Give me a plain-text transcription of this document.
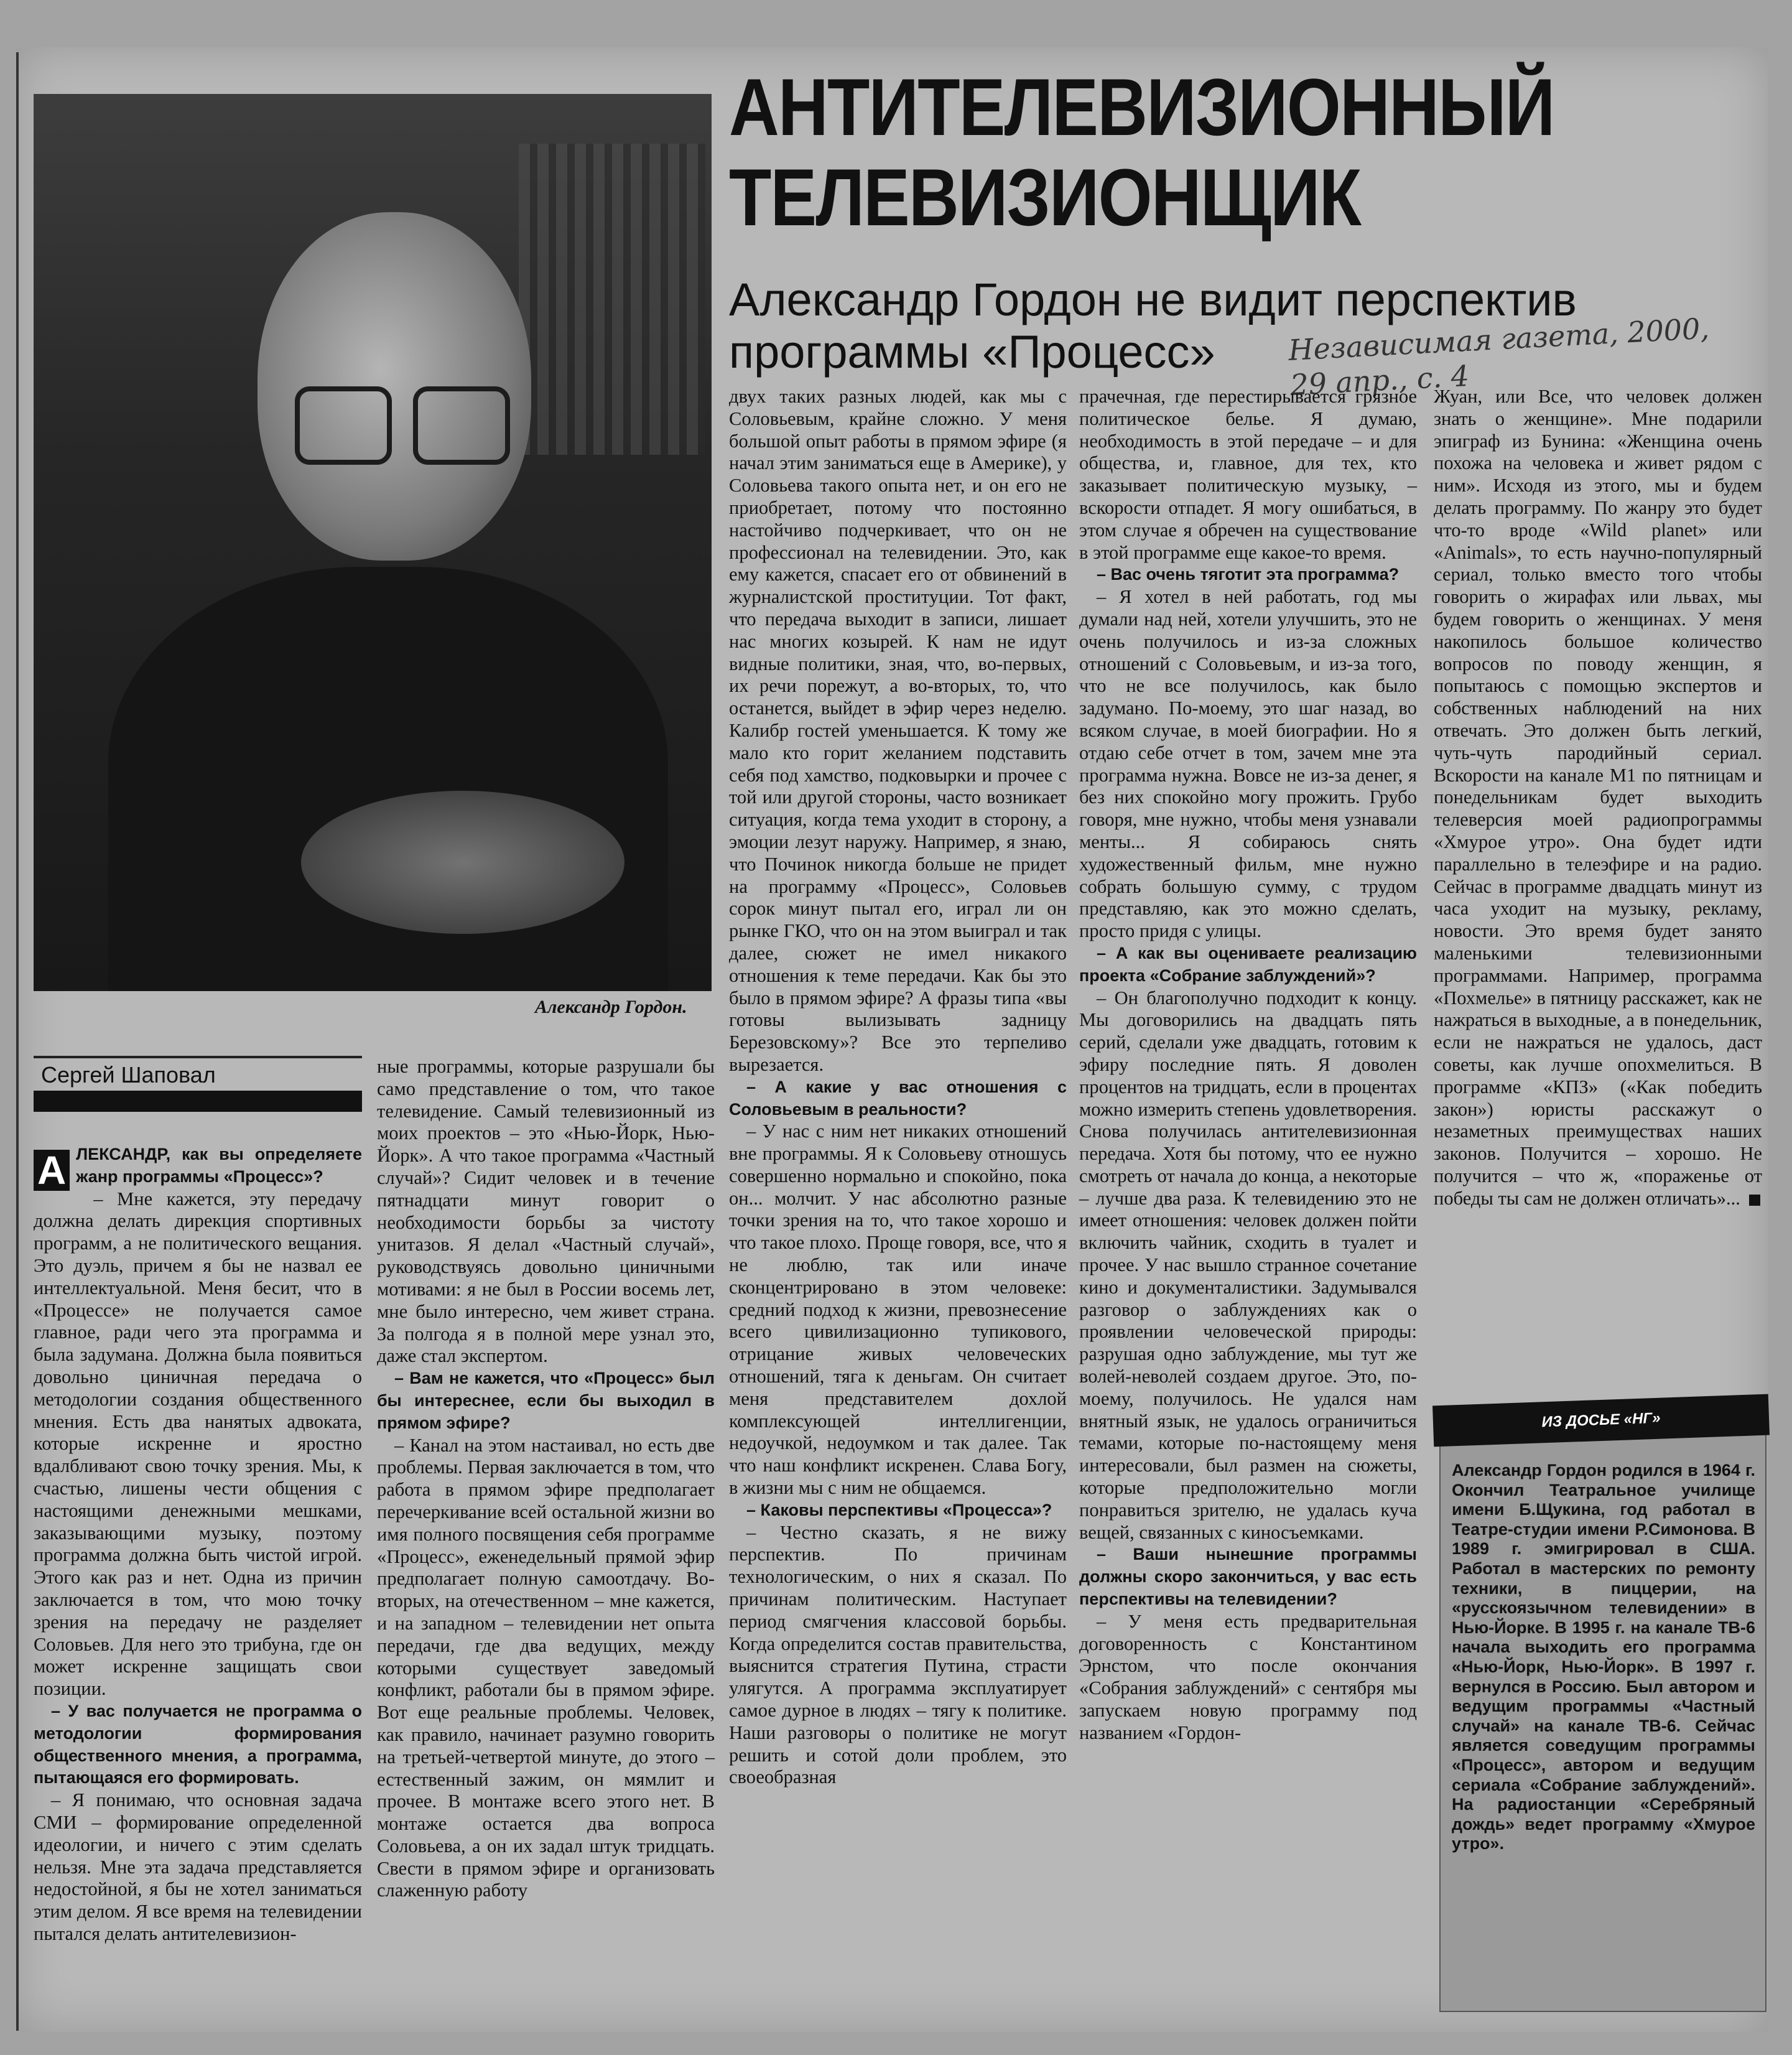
Александр Гордон.
АНТИТЕЛЕВИЗИОННЫЙ ТЕЛЕВИЗИОНЩИК
Александр Гордон не видит перспектив программы «Процесс»	Независимая газета, 2000, 29 апр., с. 4
Сергей Шаповал

А ЛЕКСАНДР, как вы определяете жанр программы «Процесс»?

– Мне кажется, эту передачу должна делать дирекция спортивных программ, а не политического вещания. Это дуэль, причем я бы не назвал ее интеллектуальной. Меня бесит, что в «Процессе» не получается самое главное, ради чего эта программа и была задумана. Должна была появиться довольно циничная передача о методологии создания общественного мнения. Есть два нанятых адвоката, которые искренне и яростно вдалбливают свою точку зрения. Мы, к счастью, лишены чести общения с настоящими денежными мешками, заказывающими музыку, поэтому программа должна быть чистой игрой. Этого как раз и нет. Одна из причин заключается в том, что мою точку зрения на передачу не разделяет Соловьев. Для него это трибуна, где он может искренне защищать свои позиции.

– У вас получается не программа о методологии формирования общественного мнения, а программа, пытающаяся его формировать.

– Я понимаю, что основная задача СМИ – формирование определенной идеологии, и ничего с этим сделать нельзя. Мне эта задача представляется недостойной, я бы не хотел заниматься этим делом. Я все время на телевидении пытался делать антителевизион-

ные программы, которые разрушали бы само представление о том, что такое телевидение. Самый телевизионный из моих проектов – это «Нью-Йорк, Нью-Йорк». А что такое программа «Частный случай»? Сидит человек и в течение пятнадцати минут говорит о необходимости борьбы за чистоту унитазов. Я делал «Частный случай», руководствуясь довольно циничными мотивами: я не был в России восемь лет, мне было интересно, чем живет страна. За полгода я в полной мере узнал это, даже стал экспертом.

– Вам не кажется, что «Процесс» был бы интереснее, если бы выходил в прямом эфире?

– Канал на этом настаивал, но есть две проблемы. Первая заключается в том, что работа в прямом эфире предполагает перечеркивание всей остальной жизни во имя полного посвящения себя программе «Процесс», еженедельный прямой эфир предполагает полную самоотдачу. Во-вторых, на отечественном – мне кажется, и на западном – телевидении нет опыта передачи, где два ведущих, между которыми существует заведомый конфликт, работали бы в прямом эфире. Вот еще реальные проблемы. Человек, как правило, начинает разумно говорить на третьей-четвертой минуте, до этого – естественный зажим, он мямлит и прочее. В монтаже всего этого нет. В монтаже остается два вопроса Соловьева, а он их задал штук тридцать. Свести в прямом эфире и организовать слаженную работу

двух таких разных людей, как мы с Соловьевым, крайне сложно. У меня большой опыт работы в прямом эфире (я начал этим заниматься еще в Америке), у Соловьева такого опыта нет, и он его не приобретает, потому что постоянно настойчиво подчеркивает, что он не профессионал на телевидении. Это, как ему кажется, спасает его от обвинений в журналистской проституции. Тот факт, что передача выходит в записи, лишает нас многих козырей. К нам не идут видные политики, зная, что, во-первых, их речи порежут, а во-вторых, то, что останется, выйдет в эфир через неделю. Калибр гостей уменьшается. К тому же мало кто горит желанием подставить себя под хамство, подковырки и прочее с той или другой стороны, часто возникает ситуация, когда тема уходит в сторону, а эмоции лезут наружу. Например, я знаю, что Починок никогда больше не придет на программу «Процесс», Соловьев сорок минут пытал его, играл ли он рынке ГКО, что он на этом выиграл и так далее, сюжет не имел никакого отношения к теме передачи. Как бы это было в прямом эфире? А фразы типа «вы готовы вылизывать задницу Березовскому»? Все это терпеливо вырезается.

– А какие у вас отношения с Соловьевым в реальности?

– У нас с ним нет никаких отношений вне программы. Я к Соловьеву отношусь совершенно нормально и спокойно, пока он... молчит. У нас абсолютно разные точки зрения на то, что такое хорошо и что такое плохо. Проще говоря, все, что я не люблю, так или иначе сконцентрировано в этом человеке: средний подход к жизни, превознесение всего цивилизационно тупикового, отрицание живых человеческих отношений, тяга к деньгам. Он считает меня представителем дохлой комплексующей интеллигенции, недоучкой, недоумком и так далее. Так что наш конфликт искренен. Слава Богу, в жизни мы с ним не общаемся.

– Каковы перспективы «Процесса»?

– Честно сказать, я не вижу перспектив. По причинам технологическим, о них я сказал. По причинам политическим. Наступает период смягчения классовой борьбы. Когда определится состав правительства, выяснится стратегия Путина, страсти улягутся. А программа эксплуатирует самое дурное в людях – тягу к политике. Наши разговоры о политике не могут решить и сотой доли проблем, это своеобразная

прачечная, где перестирывается грязное политическое белье. Я думаю, необходимость в этой передаче – и для общества, и, главное, для тех, кто заказывает политическую музыку, – вскорости отпадет. Я могу ошибаться, в этом случае я обречен на существование в этой программе еще какое-то время.

– Вас очень тяготит эта программа?

– Я хотел в ней работать, год мы думали над ней, хотели улучшить, это не очень получилось и из-за сложных отношений с Соловьевым, и из-за того, что не все получилось, как было задумано. По-моему, это шаг назад, во всяком случае, в моей биографии. Но я отдаю себе отчет в том, зачем мне эта программа нужна. Вовсе не из-за денег, я без них спокойно могу прожить. Грубо говоря, мне нужно, чтобы меня узнавали менты... Я собираюсь снять художественный фильм, мне нужно собрать большую сумму, с трудом представляю, как это можно сделать, просто придя с улицы.

– А как вы оцениваете реализацию проекта «Собрание заблуждений»?

– Он благополучно подходит к концу. Мы договорились на двадцать пять серий, сделали уже двадцать, готовим к эфиру последние пять. Я доволен процентов на тридцать, если в процентах можно измерить степень удовлетворения. Снова получилась антителевизионная передача. Хотя бы потому, что ее нужно смотреть от начала до конца, а некоторые – лучше два раза. К телевидению это не имеет отношения: человек должен пойти включить чайник, сходить в туалет и прочее. У нас вышло странное сочетание кино и документалистики. Задумывался разговор о заблуждениях как о проявлении человеческой природы: разрушая одно заблуждение, мы тут же волей-неволей создаем другое. Это, по-моему, получилось. Не удался нам внятный язык, не удалось ограничиться темами, которые по-настоящему меня интересовали, был размен на сюжеты, которые предположительно могли понравиться зрителю, не удалась куча вещей, связанных с киносъемками.

– Ваши нынешние программы должны скоро закончиться, у вас есть перспективы на телевидении?

– У меня есть предварительная договоренность с Константином Эрнстом, что после окончания «Собрания заблуждений» с сентября мы запускаем новую программу под названием «Гордон-

Жуан, или Все, что человек должен знать о женщине». Мне подарили эпиграф из Бунина: «Женщина очень похожа на человека и живет рядом с ним». Исходя из этого, мы и будем делать программу. По жанру это будет что-то вроде «Wild planet» или «Animals», то есть научно-популярный сериал, только вместо того чтобы говорить о жирафах или львах, мы будем говорить о женщинах. У меня накопилось большое количество вопросов по поводу женщин, я попытаюсь с помощью экспертов и собственных наблюдений на них отвечать. Это должен быть легкий, чуть-чуть пародийный сериал. Вскорости на канале М1 по пятницам и понедельникам будет выходить телеверсия моей радиопрограммы «Хмурое утро». Она будет идти параллельно в телеэфире и на радио. Сейчас в программе двадцать минут из часа уходит на музыку, рекламу, новости. Это время будет занято маленькими телевизионными программами. Например, программа «Похмелье» в пятницу расскажет, как не нажраться в выходные, а в понедельник, если не нажраться не удалось, даст советы, как лучше опохмелиться. В программе «КПЗ» («Как победить закон») юристы расскажут о незаметных преимуществах наших законов. Получится – хорошо. Не получится – что ж, «пораженье от победы ты сам не должен отличать»...

ИЗ ДОСЬЕ «НГ»
Александр Гордон родился в 1964 г. Окончил Театральное училище имени Б.Щукина, год работал в Театре-студии имени Р.Симонова. В 1989 г. эмигрировал в США. Работал в мастерских по ремонту техники, в пиццерии, на «русскоязычном телевидении» в Нью-Йорке. В 1995 г. на канале ТВ-6 начала выходить его программа «Нью-Йорк, Нью-Йорк». В 1997 г. вернулся в Россию. Был автором и ведущим программы «Частный случай» на канале ТВ-6. Сейчас является соведущим программы «Процесс», автором и ведущим сериала «Собрание заблуждений». На радиостанции «Серебряный дождь» ведет программу «Хмурое утро».
